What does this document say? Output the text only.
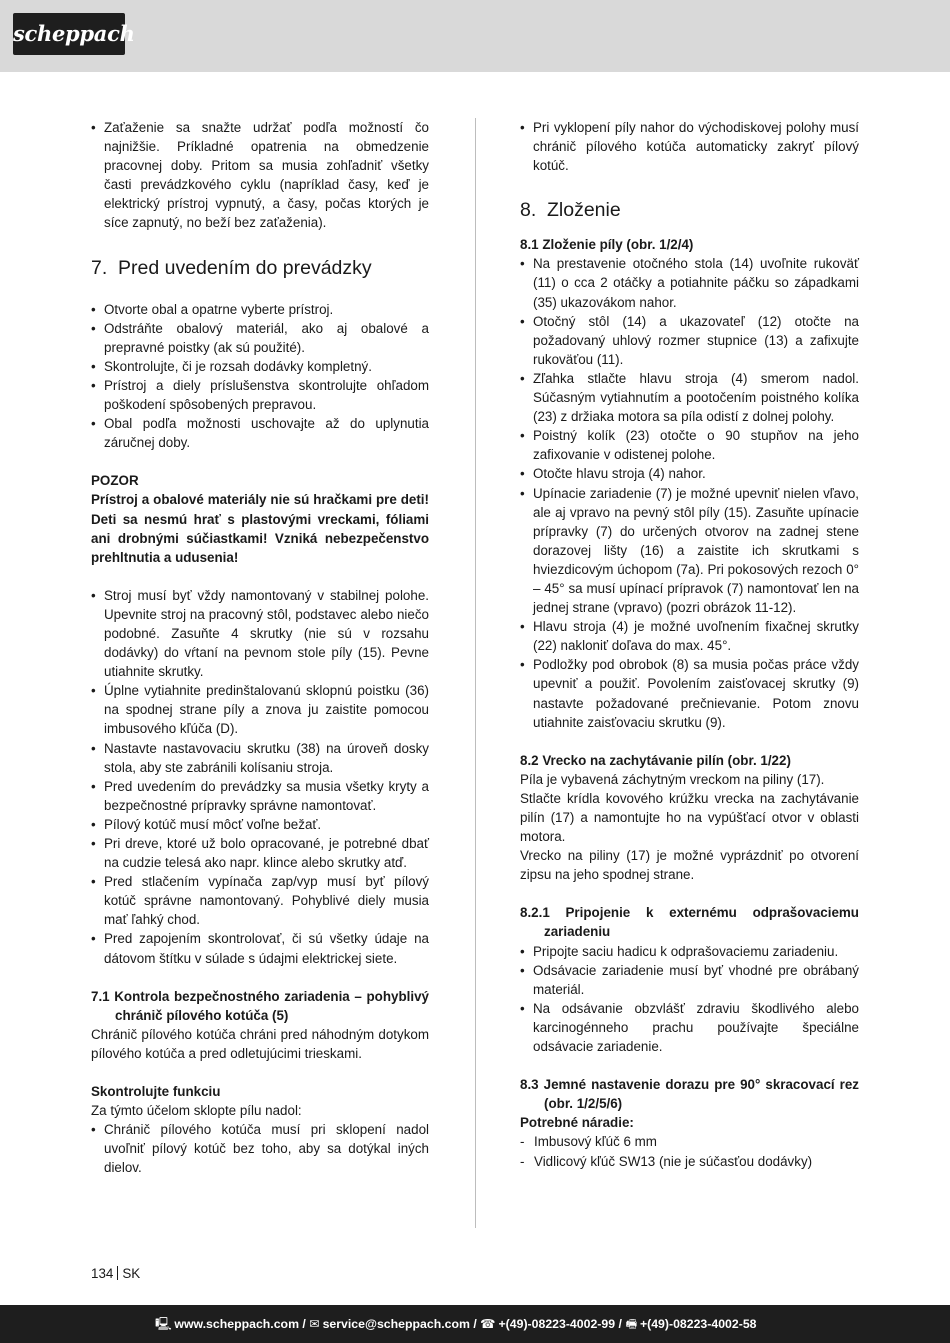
scheppach
• Zaťaženie sa snažte udržať podľa možností čo najnižšie. Príkladné opatrenia na obmedzenie pracovnej doby. Pritom sa musia zohľadniť všetky časti prevádzkového cyklu (napríklad časy, keď je elektrický prístroj vypnutý, a časy, počas ktorých je síce zapnutý, no beží bez zaťaženia).
7. Pred uvedením do prevádzky
• Otvorte obal a opatrne vyberte prístroj.
• Odstráňte obalový materiál, ako aj obalové a prepravné poistky (ak sú použité).
• Skontrolujte, či je rozsah dodávky kompletný.
• Prístroj a diely príslušenstva skontrolujte ohľadom poškodení spôsobených prepravou.
• Obal podľa možnosti uschovajte až do uplynutia záručnej doby.
POZOR
Prístroj a obalové materiály nie sú hračkami pre deti! Deti sa nesmú hrať s plastovými vreckami, fóliami ani drobnými súčiastkami! Vzniká nebezpečenstvo prehltnutia a udusenia!
• Stroj musí byť vždy namontovaný v stabilnej polohe. Upevnite stroj na pracovný stôl, podstavec alebo niečo podobné. Zasuňte 4 skrutky (nie sú v rozsahu dodávky) do vŕtaní na pevnom stole píly (15). Pevne utiahnite skrutky.
• Úplne vytiahnite predinštalovanú sklopnú poistku (36) na spodnej strane píly a znova ju zaistite pomocou imbusového kľúča (D).
• Nastavte nastavovaciu skrutku (38) na úroveň dosky stola, aby ste zabránili kolísaniu stroja.
• Pred uvedením do prevádzky sa musia všetky kryty a bezpečnostné prípravky správne namontovať.
• Pílový kotúč musí môcť voľne bežať.
• Pri dreve, ktoré už bolo opracované, je potrebné dbať na cudzie telesá ako napr. klince alebo skrutky atď.
• Pred stlačením vypínača zap/vyp musí byť pílový kotúč správne namontovaný. Pohyblivé diely musia mať ľahký chod.
• Pred zapojením skontrolovať, či sú všetky údaje na dátovom štítku v súlade s údajmi elektrickej siete.
7.1 Kontrola bezpečnostného zariadenia – pohyblivý chránič pílového kotúča (5)
Chránič pílového kotúča chráni pred náhodným dotykom pílového kotúča a pred odletujúcimi trieskami.
Skontrolujte funkciu
Za týmto účelom sklopte pílu nadol:
• Chránič pílového kotúča musí pri sklopení nadol uvoľniť pílový kotúč bez toho, aby sa dotýkal iných dielov.
• Pri vyklopení píly nahor do východiskovej polohy musí chránič pílového kotúča automaticky zakryť pílový kotúč.
8. Zloženie
8.1 Zloženie píly (obr. 1/2/4)
• Na prestavenie otočného stola (14) uvoľnite rukoväť (11) o cca 2 otáčky a potiahnite páčku so západkami (35) ukazovákom nahor.
• Otočný stôl (14) a ukazovateľ (12) otočte na požadovaný uhlový rozmer stupnice (13) a zafixujte rukoväťou (11).
• Zľahka stlačte hlavu stroja (4) smerom nadol. Súčasným vytiahnutím a pootočením poistného kolíka (23) z držiaka motora sa píla odistí z dolnej polohy.
• Poistný kolík (23) otočte o 90 stupňov na jeho zafixovanie v odistenej polohe.
• Otočte hlavu stroja (4) nahor.
• Upínacie zariadenie (7) je možné upevniť nielen vľavo, ale aj vpravo na pevný stôl píly (15). Zasuňte upínacie prípravky (7) do určených otvorov na zadnej stene dorazovej lišty (16) a zaistite ich skrutkami s hviezdicovým úchopom (7a). Pri pokosových rezoch 0° – 45° sa musí upínací prípravok (7) namontovať len na jednej strane (vpravo) (pozri obrázok 11-12).
• Hlavu stroja (4) je možné uvoľnením fixačnej skrutky (22) nakloniť doľava do max. 45°.
• Podložky pod obrobok (8) sa musia počas práce vždy upevniť a použiť. Povolením zaisťovacej skrutky (9) nastavte požadované prečnievanie. Potom znovu utiahnite zaisťovaciu skrutku (9).
8.2 Vrecko na zachytávanie pilín (obr. 1/22)
Píla je vybavená záchytným vreckom na piliny (17).
Stlačte krídla kovového krúžku vrecka na zachytávanie pilín (17) a namontujte ho na vypúšťací otvor v oblasti motora.
Vrecko na piliny (17) je možné vyprázdniť po otvorení zipsu na jeho spodnej strane.
8.2.1 Pripojenie k externému odprašovaciemu zariadeniu
• Pripojte saciu hadicu k odprašovaciemu zariadeniu.
• Odsávacie zariadenie musí byť vhodné pre obrábaný materiál.
• Na odsávanie obzvlášť zdraviu škodlivého alebo karcinogénneho prachu používajte špeciálne odsávacie zariadenie.
8.3 Jemné nastavenie dorazu pre 90° skracovací rez (obr. 1/2/5/6)
Potrebné náradie:
- Imbusový kľúč 6 mm
- Vidlicový kľúč SW13 (nie je súčasťou dodávky)
134 SK
🖳 www.scheppach.com / ✉ service@scheppach.com / ☎ +(49)-08223-4002-99 / 🖷 +(49)-08223-4002-58
